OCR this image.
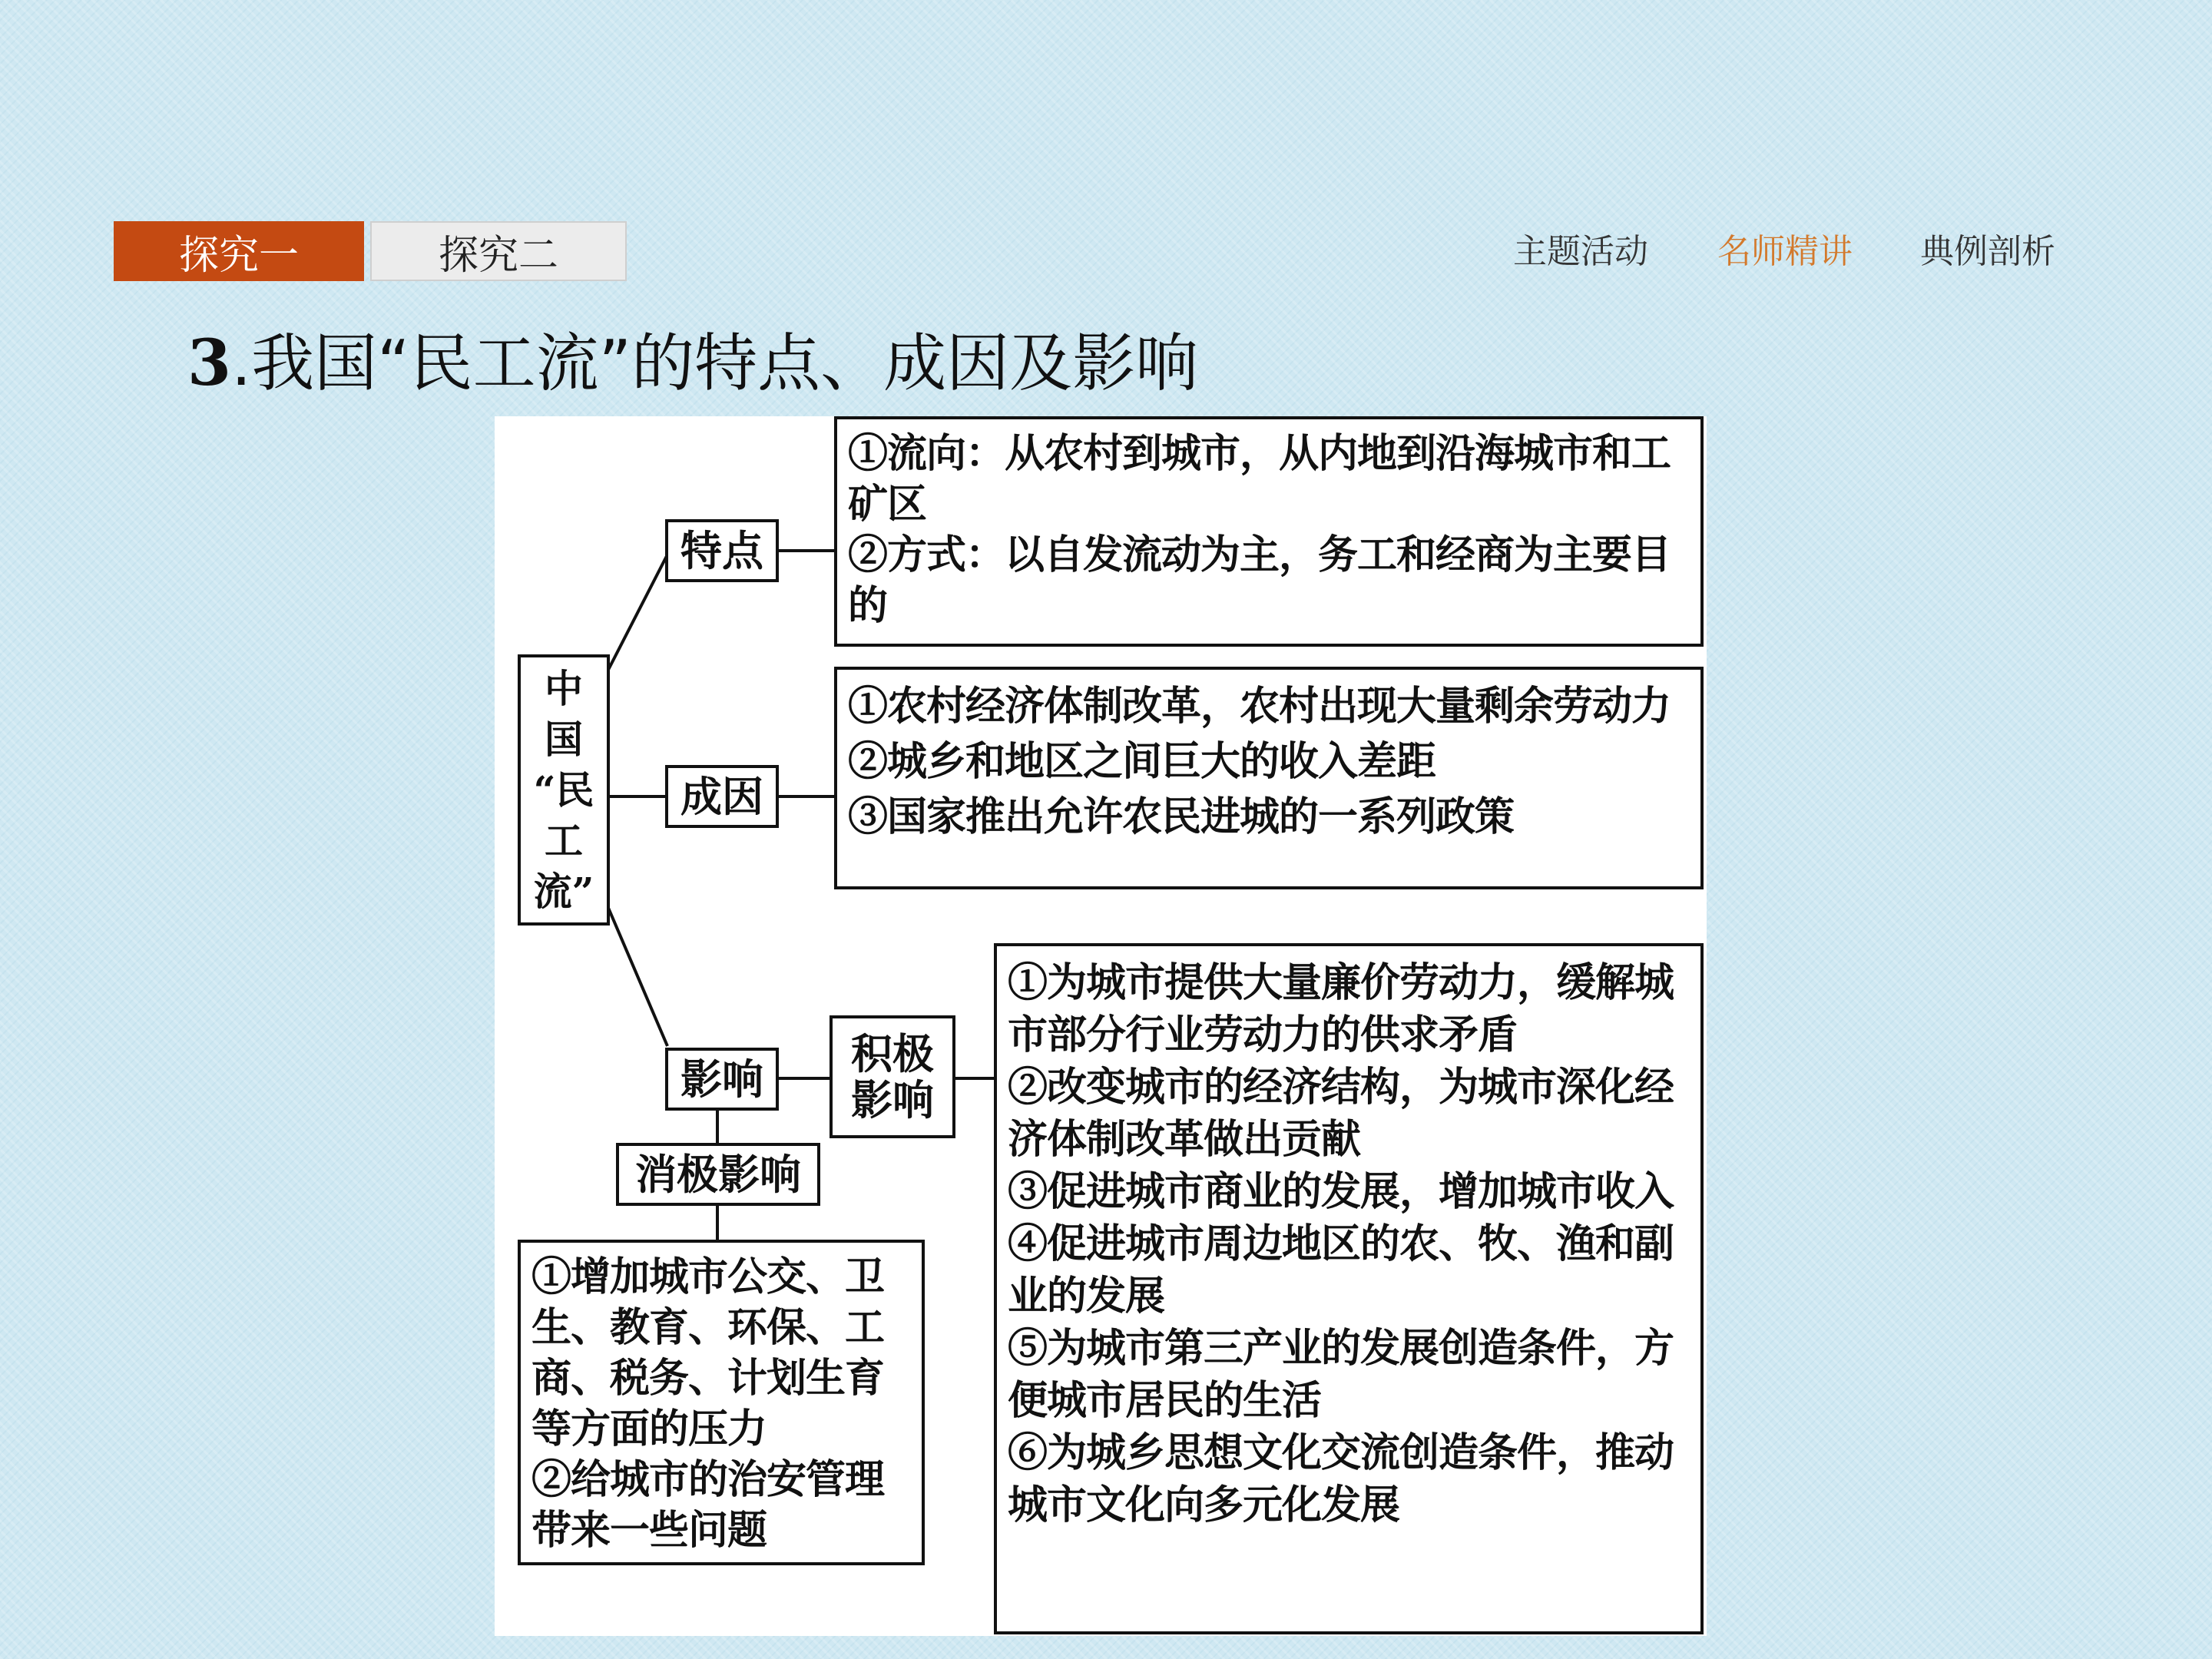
探究一	探究二	主题活动 名师精讲 典例剖析
3.我国“民工流”的特点、成因及影响
中
国
“民
工
流”
特点

①流向：从农村到城市，从内地到沿海城市和工矿区

②方式：以自发流动为主，务工和经商为主要目的

成因

①农村经济体制改革，农村出现大量剩余劳动力

②城乡和地区之间巨大的收入差距

③国家推出允许农民进城的一系列政策

影响
积极影响

①为城市提供大量廉价劳动力，缓解城市部分行业劳动力的供求矛盾

②改变城市的经济结构，为城市深化经济体制改革做出贡献

③促进城市商业的发展，增加城市收入

④促进城市周边地区的农、牧、渔和副业的发展

⑤为城市第三产业的发展创造条件，方便城市居民的生活

⑥为城乡思想文化交流创造条件，推动城市文化向多元化发展

消极影响

①增加城市公交、卫生、教育、环保、工商、税务、计划生育等方面的压力

②给城市的治安管理带来一些问题
